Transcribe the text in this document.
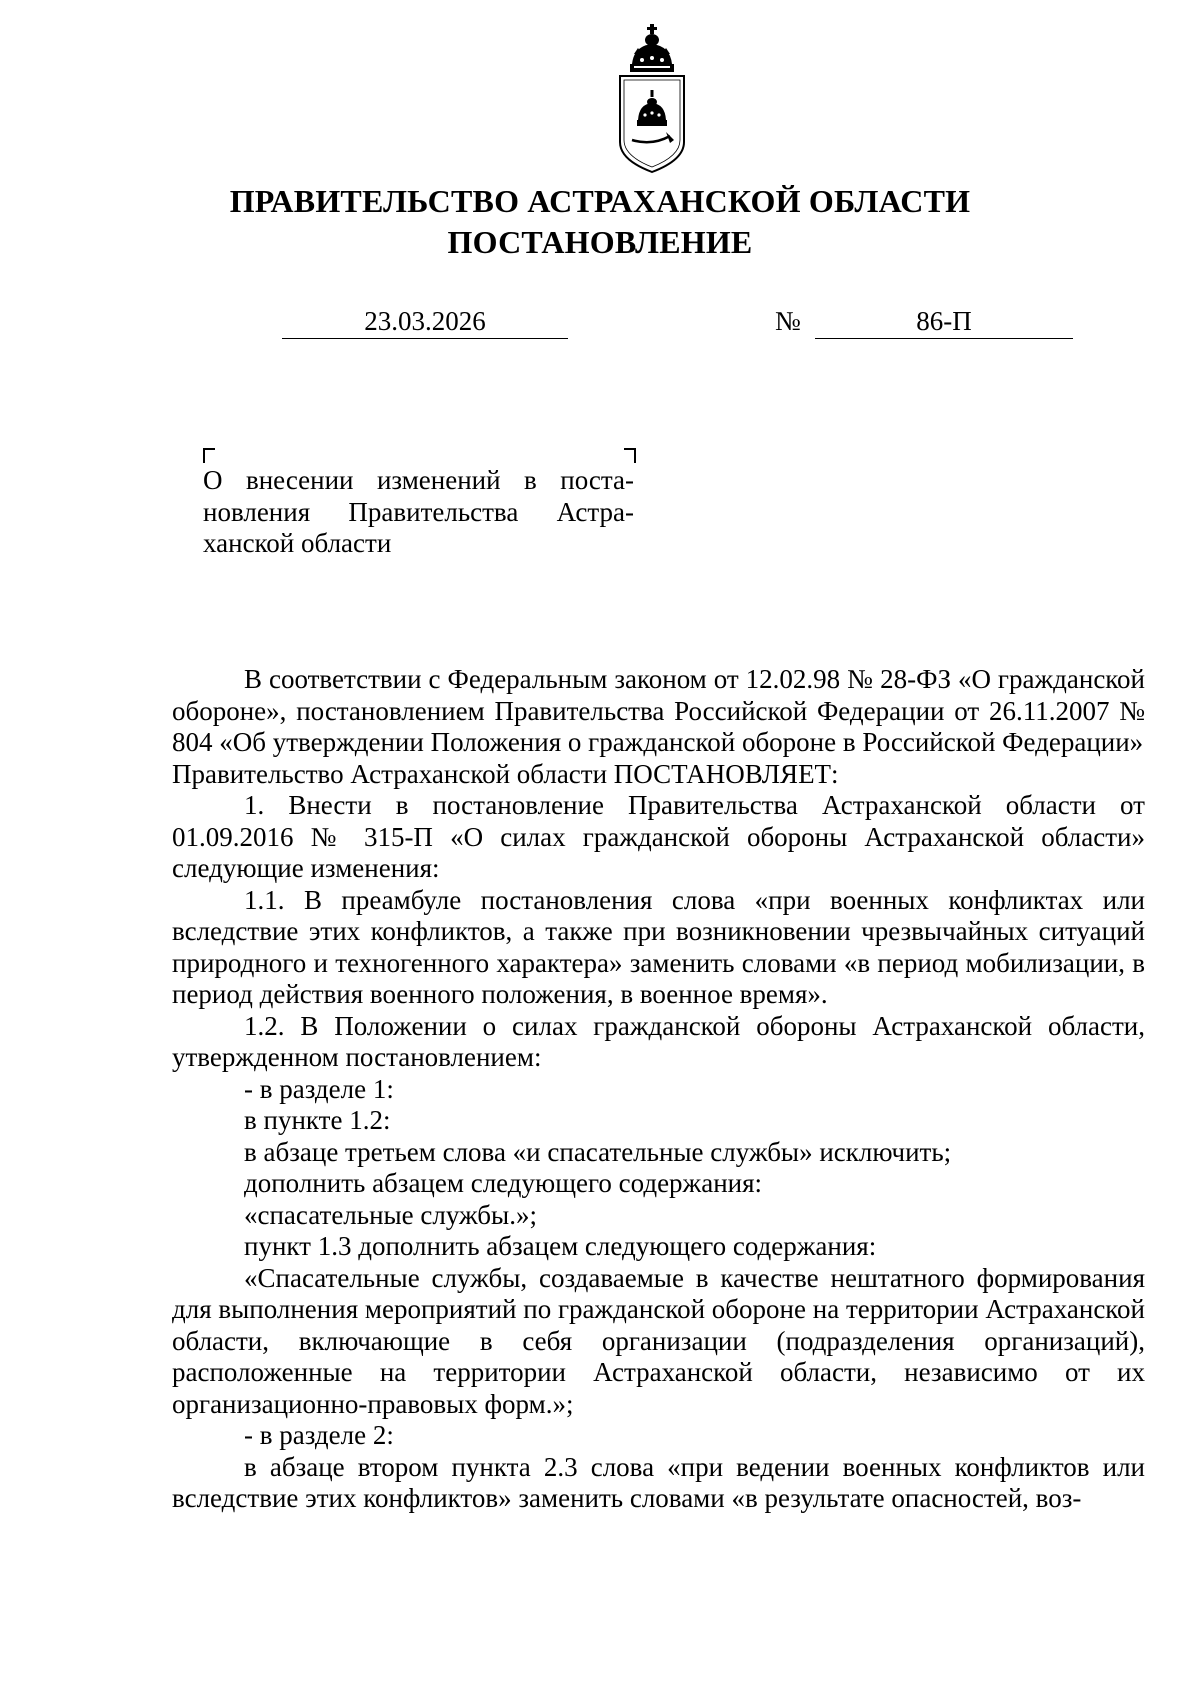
ПРАВИТЕЛЬСТВО АСТРАХАНСКОЙ ОБЛАСТИ
ПОСТАНОВЛЕНИЕ
23.03.2026	№	86-П
О внесении изменений в поста-
новления Правительства Астра-
ханской области

В соответствии с Федеральным законом от 12.02.98 № 28-ФЗ «О гражданской обороне», постановлением Правительства Российской Федерации от 26.11.2007 № 804 «Об утверждении Положения о гражданской обороне в Российской Федерации»

Правительство Астраханской области ПОСТАНОВЛЯЕТ:

1. Внести в постановление Правительства Астраханской области от 01.09.2016 № 315-П «О силах гражданской обороны Астраханской области» следующие изменения:

1.1. В преамбуле постановления слова «при военных конфликтах или вследствие этих конфликтов, а также при возникновении чрезвычайных ситуаций природного и техногенного характера» заменить словами «в период мобилизации, в период действия военного положения, в военное время».

1.2. В Положении о силах гражданской обороны Астраханской области, утвержденном постановлением:

- в разделе 1:

в пункте 1.2:

в абзаце третьем слова «и спасательные службы» исключить;

дополнить абзацем следующего содержания:

«спасательные службы.»;

пункт 1.3 дополнить абзацем следующего содержания:

«Спасательные службы, создаваемые в качестве нештатного формирования для выполнения мероприятий по гражданской обороне на территории Астраханской области, включающие в себя организации (подразделения организаций), расположенные на территории Астраханской области, независимо от их организационно-правовых форм.»;

- в разделе 2:

в абзаце втором пункта 2.3 слова «при ведении военных конфликтов или вследствие этих конфликтов» заменить словами «в результате опасностей, воз-
